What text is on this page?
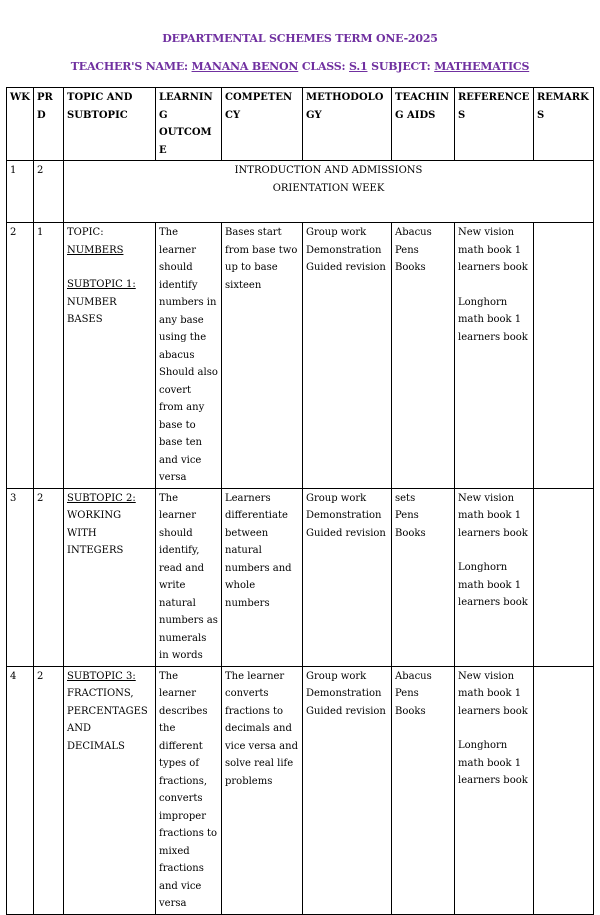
DEPARTMENTAL SCHEMES TERM ONE-2025
TEACHER'S NAME: MANANA BENON CLASS: S.1 SUBJECT: MATHEMATICS
WK	PRD	TOPIC AND SUBTOPIC	LEARNING OUTCOME	COMPETENCY	METHODOLOGY	TEACHING AIDS	REFERENCES	REMARKS
1	2	INTRODUCTION AND ADMISSIONS
ORIENTATION WEEK						

2	1	TOPIC: NUMBERS
SUBTOPIC 1:
NUMBER BASES	The learner should identify numbers in any base using the abacus Should also covert from any base to base ten and vice versa	Bases start from base two up to base sixteen	Group work
Demonstration
Guided revision	Abacus
Pens
Books	New vision math book 1 learners book
Longhorn math book 1 learners book	

3	2	SUBTOPIC 2:
WORKING WITH INTEGERS	The learner should identify, read and write natural numbers as numerals in words	Learners differentiate between natural numbers and whole numbers	Group work
Demonstration
Guided revision	sets
Pens
Books	New vision math book 1 learners book
Longhorn math book 1 learners book	

4	2	SUBTOPIC 3:
FRACTIONS, PERCENTAGES AND DECIMALS	The learner describes the different types of fractions, converts improper fractions to mixed fractions and vice versa	The learner converts fractions to decimals and vice versa and solve real life problems	Group work
Demonstration
Guided revision	Abacus
Pens
Books	New vision math book 1 learners book
Longhorn math book 1 learners book	
